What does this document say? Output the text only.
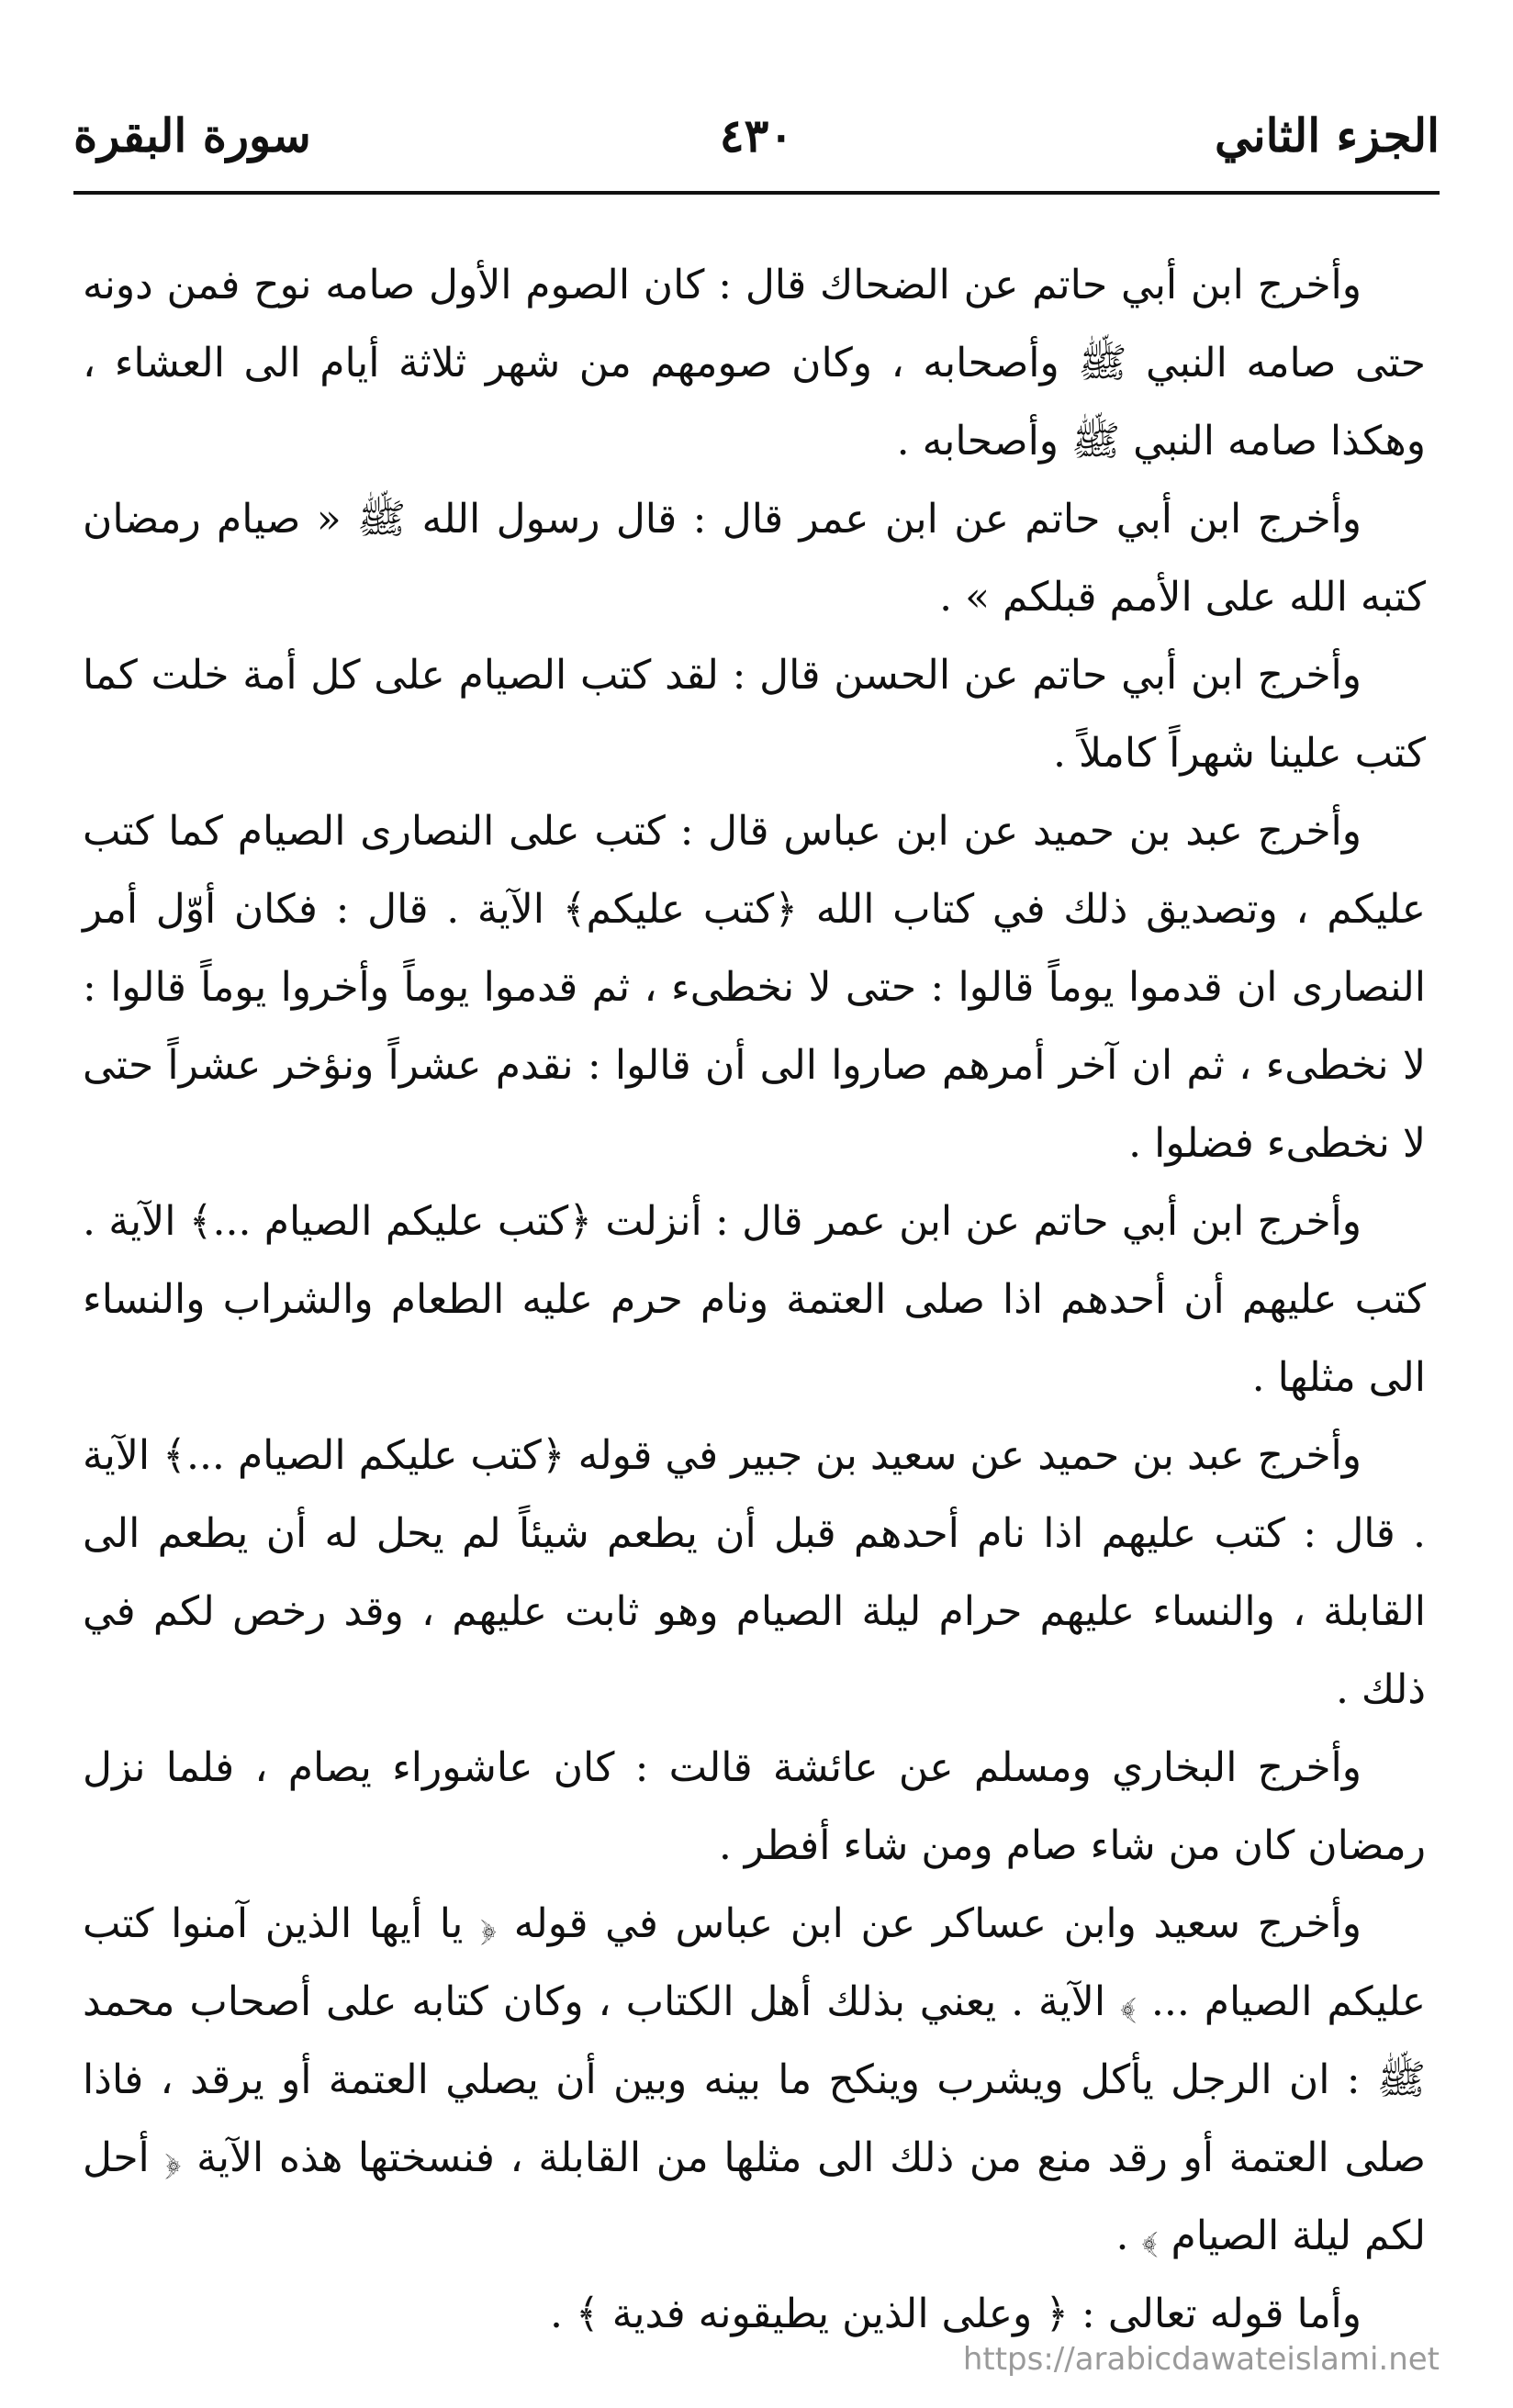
الجزء الثاني
٤٣٠
سورة البقرة

وأخرج ابن أبي حاتم عن الضحاك قال : كان الصوم الأول صامه نوح فمن دونه حتى صامه النبي ﷺ وأصحابه ، وكان صومهم من شهر ثلاثة أيام الى العشاء ، وهكذا صامه النبي ﷺ وأصحابه .

وأخرج ابن أبي حاتم عن ابن عمر قال : قال رسول الله ﷺ « صيام رمضان كتبه الله على الأمم قبلكم » .

وأخرج ابن أبي حاتم عن الحسن قال : لقد كتب الصيام على كل أمة خلت كما كتب علينا شهراً كاملاً .

وأخرج عبد بن حميد عن ابن عباس قال : كتب على النصارى الصيام كما كتب عليكم ، وتصديق ذلك في كتاب الله ﴿كتب عليكم﴾ الآية . قال : فكان أوّل أمر النصارى ان قدموا يوماً قالوا : حتى لا نخطىء ، ثم قدموا يوماً وأخروا يوماً قالوا : لا نخطىء ، ثم ان آخر أمرهم صاروا الى أن قالوا : نقدم عشراً ونؤخر عشراً حتى لا نخطىء فضلوا .

وأخرج ابن أبي حاتم عن ابن عمر قال : أنزلت ﴿كتب عليكم الصيام ...﴾ الآية . كتب عليهم أن أحدهم اذا صلى العتمة ونام حرم عليه الطعام والشراب والنساء الى مثلها .

وأخرج عبد بن حميد عن سعيد بن جبير في قوله ﴿كتب عليكم الصيام ...﴾ الآية . قال : كتب عليهم اذا نام أحدهم قبل أن يطعم شيئاً لم يحل له أن يطعم الى القابلة ، والنساء عليهم حرام ليلة الصيام وهو ثابت عليهم ، وقد رخص لكم في ذلك .

وأخرج البخاري ومسلم عن عائشة قالت : كان عاشوراء يصام ، فلما نزل رمضان كان من شاء صام ومن شاء أفطر .

وأخرج سعيد وابن عساكر عن ابن عباس في قوله ﴿ يا أيها الذين آمنوا كتب عليكم الصيام ... ﴾ الآية . يعني بذلك أهل الكتاب ، وكان كتابه على أصحاب محمد ﷺ : ان الرجل يأكل ويشرب وينكح ما بينه وبين أن يصلي العتمة أو يرقد ، فاذا صلى العتمة أو رقد منع من ذلك الى مثلها من القابلة ، فنسختها هذه الآية ﴿ أحل لكم ليلة الصيام ﴾ .

وأما قوله تعالى : ﴿ وعلى الذين يطيقونه فدية ﴾ .

https://arabicdawateislami.net
